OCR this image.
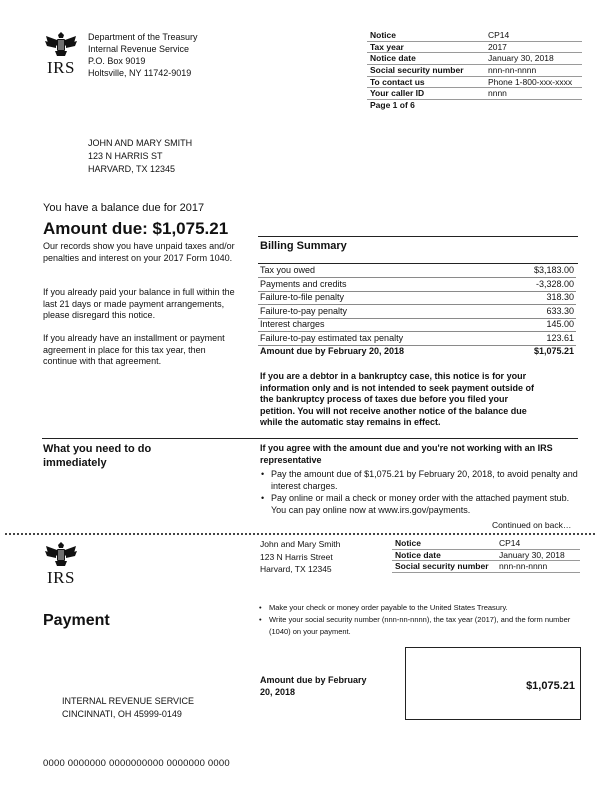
IRS
Department of the Treasury
Internal Revenue Service
P.O. Box 9019
Holtsville, NY 11742-9019
Notice	CP14
Tax year	2017
Notice date	January 30, 2018
Social security number	nnn-nn-nnnn
To contact us	Phone 1-800-xxx-xxxx
Your caller ID	nnnn
Page 1 of 6	
JOHN AND MARY SMITH
123 N HARRIS ST
HARVARD, TX 12345
You have a balance due for 2017
Amount due: $1,075.21
Our records show you have unpaid taxes and/or penalties and interest on your 2017 Form 1040.
If you already paid your balance in full within the last 21 days or made payment arrangements, please disregard this notice.
If you already have an installment or payment agreement in place for this tax year, then continue with that agreement.
Billing Summary
Tax you owed	$3,183.00
Payments and credits	-3,328.00
Failure-to-file penalty	318.30
Failure-to-pay penalty	633.30
Interest charges	145.00
Failure-to-pay estimated tax penalty	123.61
Amount due by February 20, 2018	$1,075.21
If you are a debtor in a bankruptcy case, this notice is for your information only and is not intended to seek payment outside of the bankruptcy process of taxes due before you filed your petition. You will not receive another notice of the balance due while the automatic stay remains in effect.
What you need to do immediately
If you agree with the amount due and you're not working with an IRS representative
• Pay the amount due of $1,075.21 by February 20, 2018, to avoid penalty and interest charges.
• Pay online or mail a check or money order with the attached payment stub. You can pay online now at www.irs.gov/payments.
Continued on back…
IRS
John and Mary Smith
123 N Harris Street
Harvard, TX 12345
Notice	CP14
Notice date	January 30, 2018
Social security number	nnn-nn-nnnn
Payment
• Make your check or money order payable to the United States Treasury.
• Write your social security number (nnn-nn-nnnn), the tax year (2017), and the form number (1040) on your payment.
Amount due by February 20, 2018	$1,075.21
INTERNAL REVENUE SERVICE
CINCINNATI, OH 45999-0149
0000 0000000 0000000000 0000000 0000
